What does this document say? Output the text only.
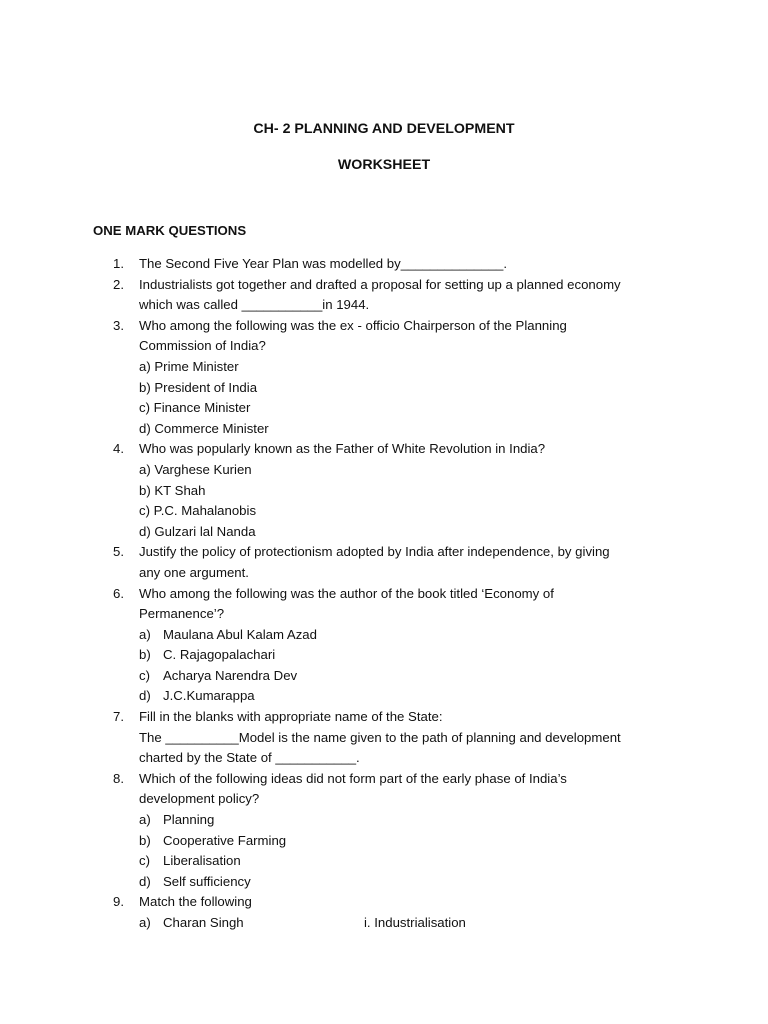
CH- 2 PLANNING AND DEVELOPMENT
WORKSHEET
ONE MARK QUESTIONS
1. The Second Five Year Plan was modelled by______________.
2. Industrialists got together and drafted a proposal for setting up a planned economy
which was called ___________in 1944.
3. Who among the following was the ex - officio Chairperson of the Planning
Commission of India?
a) Prime Minister
b) President of India
c) Finance Minister
d) Commerce Minister
4. Who was popularly known as the Father of White Revolution in India?
a) Varghese Kurien
b) KT Shah
c) P.C. Mahalanobis
d) Gulzari lal Nanda
5. Justify the policy of protectionism adopted by India after independence, by giving
any one argument.
6. Who among the following was the author of the book titled ‘Economy of
Permanence’?
a) Maulana Abul Kalam Azad
b) C. Rajagopalachari
c) Acharya Narendra Dev
d) J.C.Kumarappa
7. Fill in the blanks with appropriate name of the State:
The __________Model is the name given to the path of planning and development
charted by the State of ___________.
8. Which of the following ideas did not form part of the early phase of India’s
development policy?
a) Planning
b) Cooperative Farming
c) Liberalisation
d) Self sufficiency
9. Match the following
a) Charan Singh	i. Industrialisation
